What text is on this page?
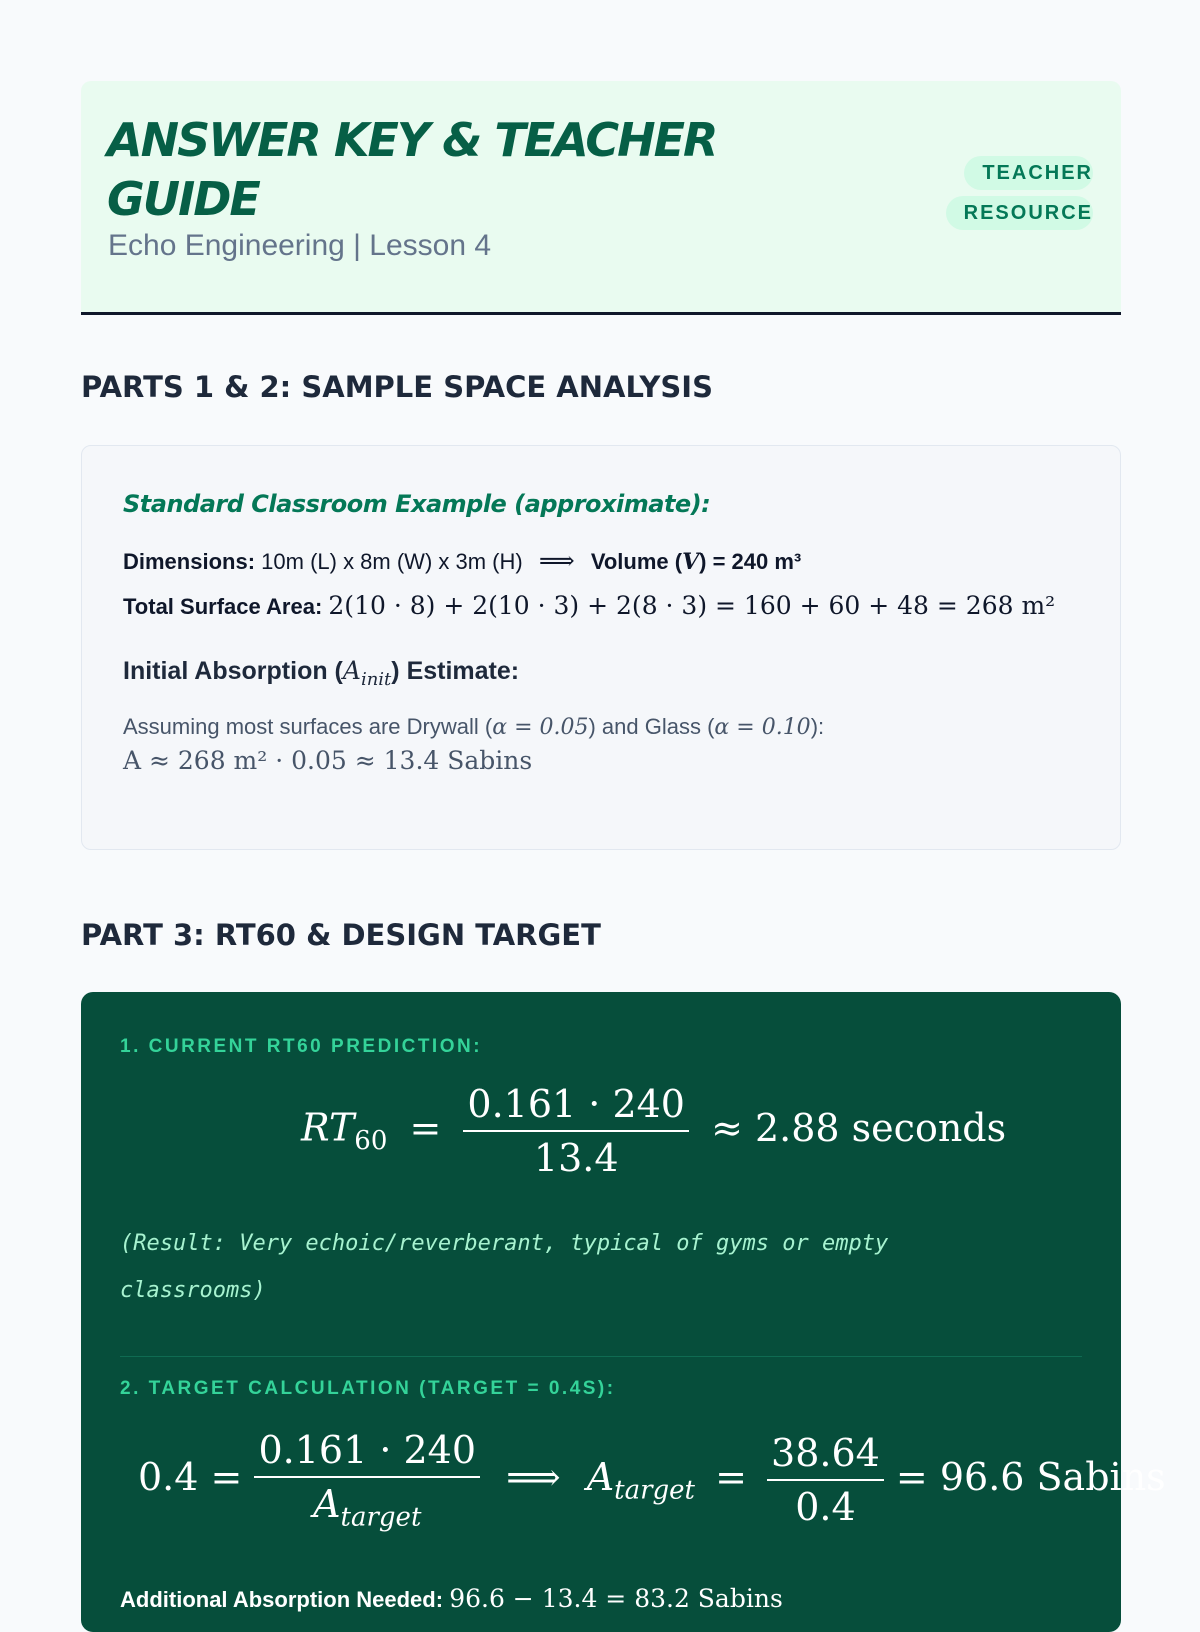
ANSWER KEY & TEACHER GUIDE
Echo Engineering | Lesson 4
TEACHER RESOURCE
PARTS 1 & 2: SAMPLE SPACE ANALYSIS
Standard Classroom Example (approximate):
Dimensions: 10m (L) x 8m (W) x 3m (H) ⟹ Volume (V) = 240 m³
Total Surface Area: 2(10 · 8) + 2(10 · 3) + 2(8 · 3) = 160 + 60 + 48 = 268 m²
Initial Absorption $(A_{init})$ Estimate:
Assuming most surfaces are Drywall (α = 0.05) and Glass (α = 0.10):
A ≈ 268 m² · 0.05 ≈ 13.4 Sabins
PART 3: RT60 & DESIGN TARGET
1. CURRENT RT60 PREDICTION:
$RT_{60} = \frac{0.161 \cdot 240}{13.4} \approx 2.88$ seconds

(Result: Very echoic/reverberant, typical of gyms or empty classrooms)

2. TARGET CALCULATION (TARGET = 0.4S):
$0.4 = \frac{0.161 \cdot 240}{A_{target}}$ ⟹ $A_{target} = \frac{38.64}{0.4} = 96.6$ Sabins
Additional Absorption Needed: 96.6 − 13.4 = 83.2 Sabins
